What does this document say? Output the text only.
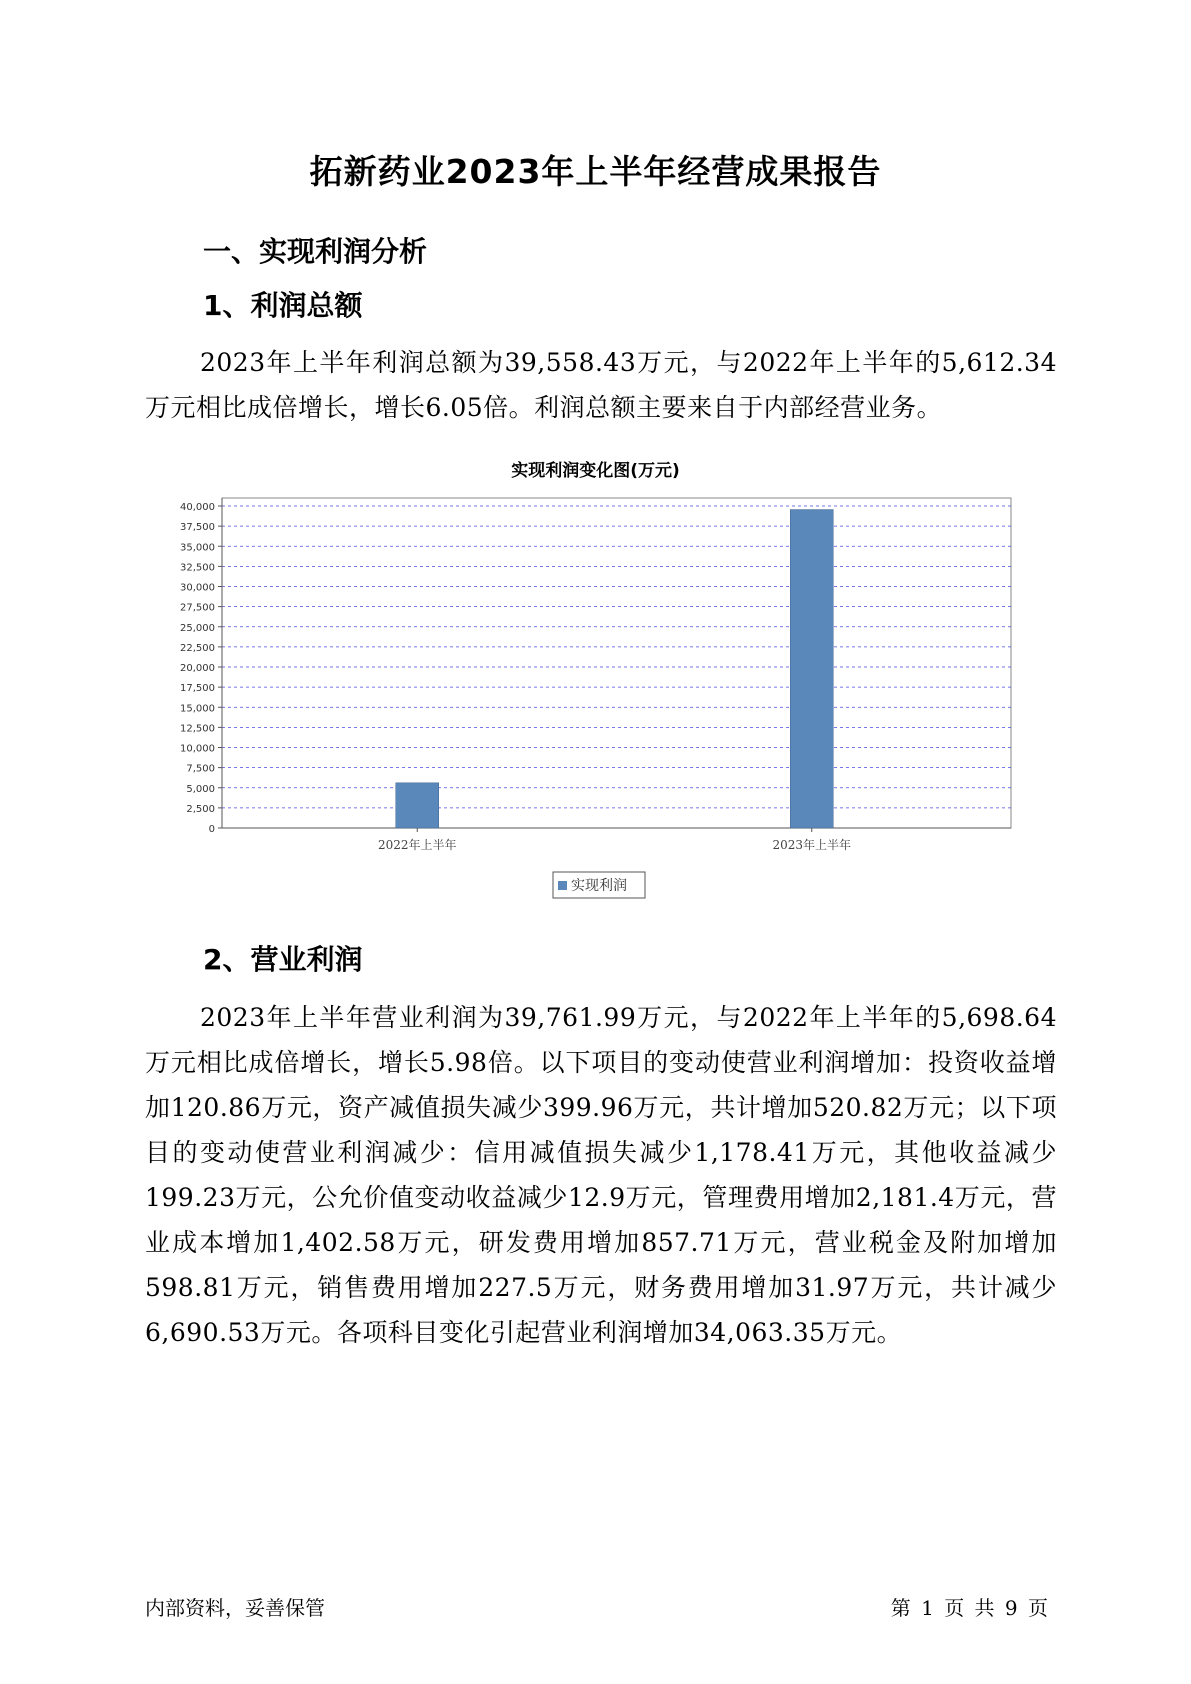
拓新药业2023年上半年经营成果报告
一、实现利润分析
1、利润总额
2023年上半年利润总额为39,558.43万元，与2022年上半年的5,612.34万元相比成倍增长，增长6.05倍。利润总额主要来自于内部经营业务。
实现利润变化图(万元)
0
2,500
5,000
7,500
10,000
12,500
15,000
17,500
20,000
22,500
25,000
27,500
30,000
32,500
35,000
37,500
40,000
2022年上半年	2023年上半年
实现利润
2、营业利润
2023年上半年营业利润为39,761.99万元，与2022年上半年的5,698.64万元相比成倍增长，增长5.98倍。以下项目的变动使营业利润增加：投资收益增加120.86万元，资产减值损失减少399.96万元，共计增加520.82万元；以下项目的变动使营业利润减少：信用减值损失减少1,178.41万元，其他收益减少199.23万元，公允价值变动收益减少12.9万元，管理费用增加2,181.4万元，营业成本增加1,402.58万元，研发费用增加857.71万元，营业税金及附加增加598.81万元，销售费用增加227.5万元，财务费用增加31.97万元，共计减少6,690.53万元。各项科目变化引起营业利润增加34,063.35万元。
内部资料，妥善保管	第 1 页 共 9 页
